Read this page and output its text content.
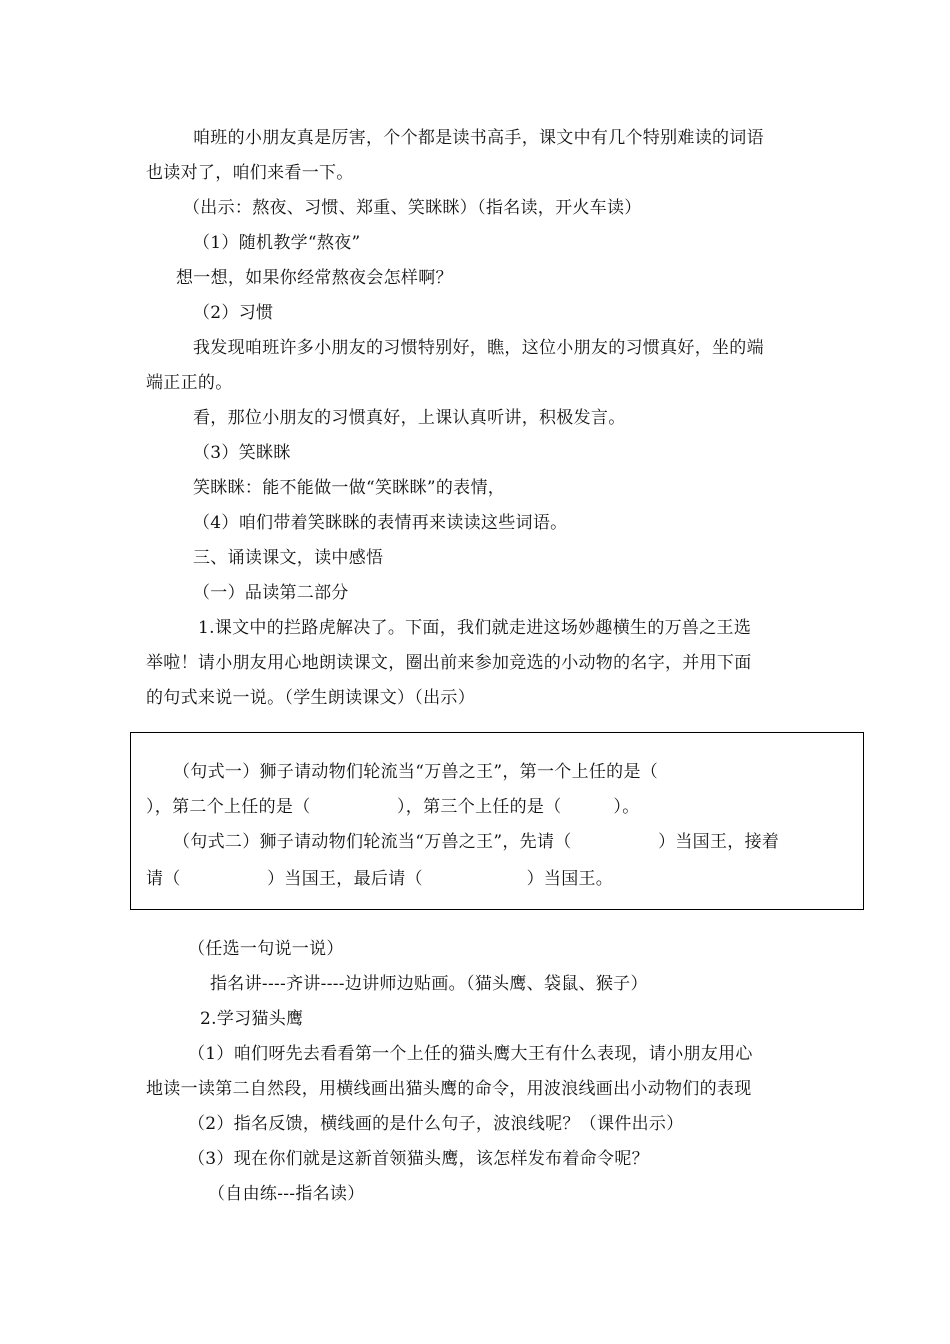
咱班的小朋友真是厉害，个个都是读书高手，课文中有几个特别难读的词语
也读对了，咱们来看一下。
（出示：熬夜、习惯、郑重、笑眯眯）（指名读，开火车读）
（1）随机教学“熬夜”
想一想，如果你经常熬夜会怎样啊？
（2）习惯
我发现咱班许多小朋友的习惯特别好，瞧，这位小朋友的习惯真好，坐的端
端正正的。
看，那位小朋友的习惯真好，上课认真听讲，积极发言。
（3）笑眯眯
笑眯眯：能不能做一做“笑眯眯”的表情，
（4）咱们带着笑眯眯的表情再来读读这些词语。
三、诵读课文，读中感悟
（一）品读第二部分
1.课文中的拦路虎解决了。下面，我们就走进这场妙趣横生的万兽之王选
举啦！请小朋友用心地朗读课文，圈出前来参加竞选的小动物的名字，并用下面
的句式来说一说。（学生朗读课文）（出示）
（句式一）狮子请动物们轮流当“万兽之王”，第一个上任的是（
），第二个上任的是（　　　　　），第三个上任的是（　　　）。
（句式二）狮子请动物们轮流当“万兽之王”，先请（　　　　　）当国王，接着
请（　　　　　）当国王，最后请（　　　　　　）当国王。
（任选一句说一说）
指名讲----齐讲----边讲师边贴画。（猫头鹰、袋鼠、猴子）
2.学习猫头鹰
（1）咱们呀先去看看第一个上任的猫头鹰大王有什么表现，请小朋友用心
地读一读第二自然段，用横线画出猫头鹰的命令，用波浪线画出小动物们的表现
（2）指名反馈，横线画的是什么句子，波浪线呢？（课件出示）
（3）现在你们就是这新首领猫头鹰，该怎样发布着命令呢？
（自由练---指名读）
